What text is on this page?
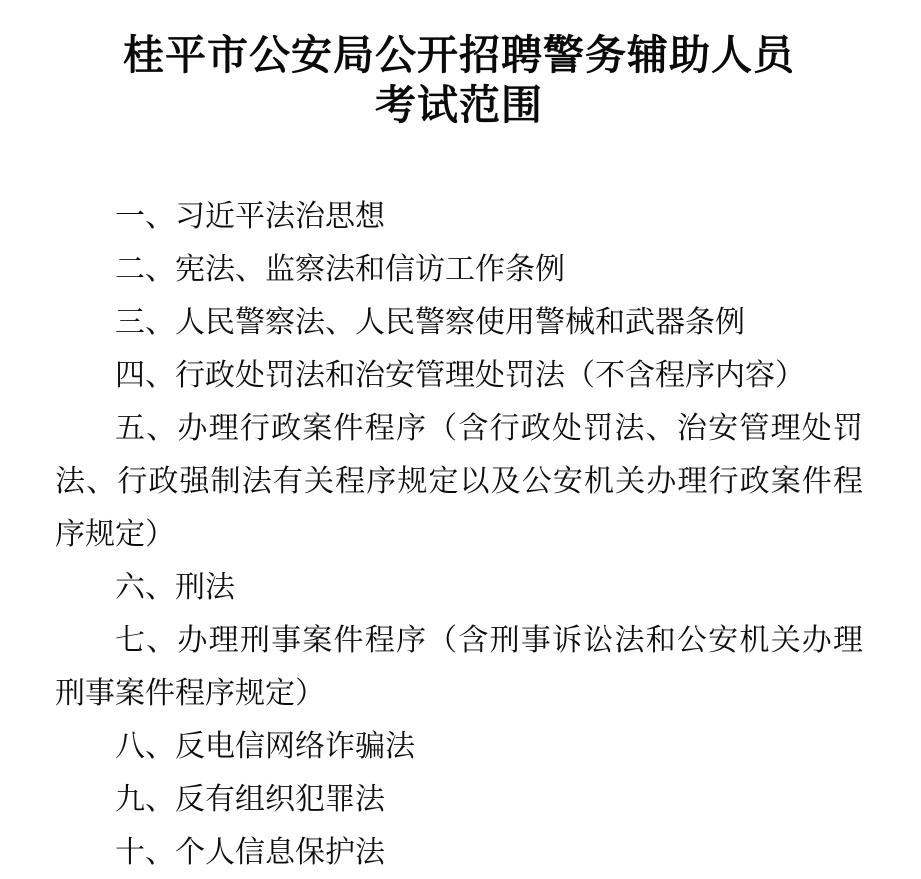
桂平市公安局公开招聘警务辅助人员
考试范围
一、习近平法治思想
二、宪法、监察法和信访工作条例
三、人民警察法、人民警察使用警械和武器条例
四、行政处罚法和治安管理处罚法（不含程序内容）
五、办理行政案件程序（含行政处罚法、治安管理处罚法、行政强制法有关程序规定以及公安机关办理行政案件程序规定）
六、刑法
七、办理刑事案件程序（含刑事诉讼法和公安机关办理刑事案件程序规定）
八、反电信网络诈骗法
九、反有组织犯罪法
十、个人信息保护法
